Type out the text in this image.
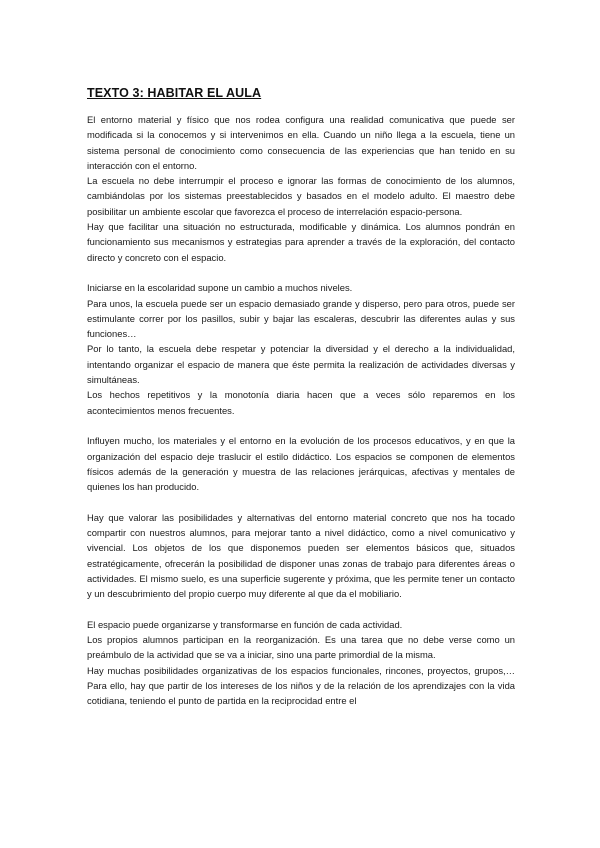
TEXTO 3: HABITAR EL AULA

El entorno material y físico que nos rodea configura una realidad comunicativa que puede ser modificada si la conocemos y si intervenimos en ella. Cuando un niño llega a la escuela, tiene un sistema personal de conocimiento como consecuencia de las experiencias que han tenido en su interacción con el entorno.

La escuela no debe interrumpir el proceso e ignorar las formas de conocimiento de los alumnos, cambiándolas por los sistemas preestablecidos y basados en el modelo adulto. El maestro debe posibilitar un ambiente escolar que favorezca el proceso de interrelación espacio-persona.

Hay que facilitar una situación no estructurada, modificable y dinámica. Los alumnos pondrán en funcionamiento sus mecanismos y estrategias para aprender a través de la exploración, del contacto directo y concreto con el espacio.

Iniciarse en la escolaridad supone un cambio a muchos niveles.

Para unos, la escuela puede ser un espacio demasiado grande y disperso, pero para otros, puede ser estimulante correr por los pasillos, subir y bajar las escaleras, descubrir las diferentes aulas y sus funciones…

Por lo tanto, la escuela debe respetar y potenciar la diversidad y el derecho a la individualidad, intentando organizar el espacio de manera que éste permita la realización de actividades diversas y simultáneas.

Los hechos repetitivos y la monotonía diaria hacen que a veces sólo reparemos en los acontecimientos menos frecuentes.

Influyen mucho, los materiales y el entorno en la evolución de los procesos educativos, y en que la organización del espacio deje traslucir el estilo didáctico. Los espacios se componen de elementos físicos además de la generación y muestra de las relaciones jerárquicas, afectivas y mentales de quienes los han producido.

Hay que valorar las posibilidades y alternativas del entorno material concreto que nos ha tocado compartir con nuestros alumnos, para mejorar tanto a nivel didáctico, como a nivel comunicativo y vivencial. Los objetos de los que disponemos pueden ser elementos básicos que, situados estratégicamente, ofrecerán la posibilidad de disponer unas zonas de trabajo para diferentes áreas o actividades. El mismo suelo, es una superficie sugerente y próxima, que les permite tener un contacto y un descubrimiento del propio cuerpo muy diferente al que da el mobiliario.

El espacio puede organizarse y transformarse en función de cada actividad.

Los propios alumnos participan en la reorganización. Es una tarea que no debe verse como un preámbulo de la actividad que se va a iniciar, sino una parte primordial de la misma.

Hay muchas posibilidades organizativas de los espacios funcionales, rincones, proyectos, grupos,… Para ello, hay que partir de los intereses de los niños y de la relación de los aprendizajes con la vida cotidiana, teniendo el punto de partida en la reciprocidad entre el
